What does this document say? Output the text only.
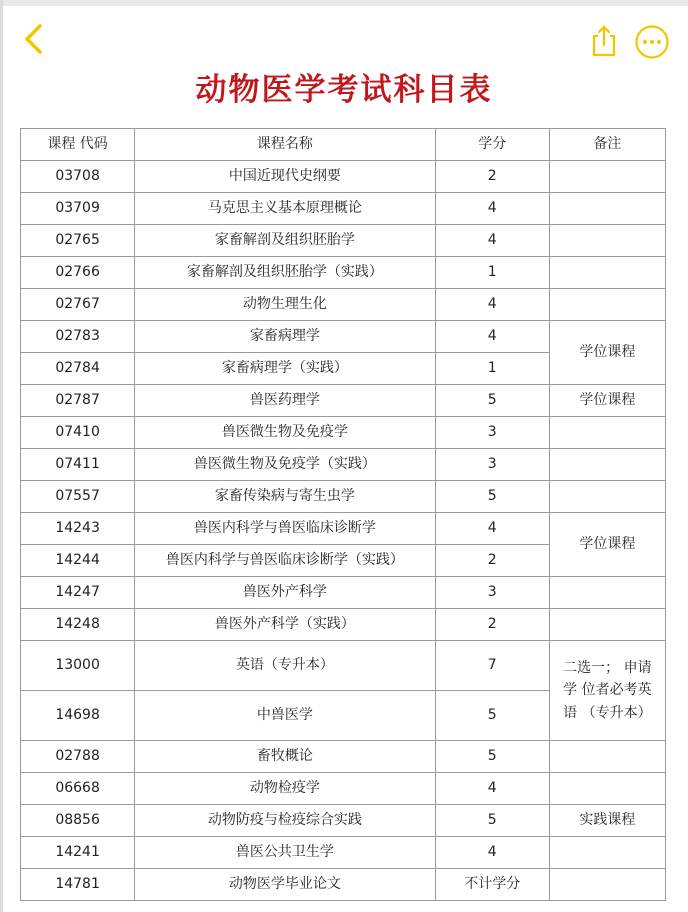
动物医学考试科目表
课程 代码	课程名称	学分	备注
03708	中国近现代史纲要	2	
03709	马克思主义基本原理概论	4	
02765	家畜解剖及组织胚胎学	4	
02766	家畜解剖及组织胚胎学（实践）	1	
02767	动物生理生化	4	
02783	家畜病理学	4	学位课程
02784	家畜病理学（实践）	1	
02787	兽医药理学	5	学位课程
07410	兽医微生物及免疫学	3	
07411	兽医微生物及免疫学（实践）	3	
07557	家畜传染病与寄生虫学	5	
14243	兽医内科学与兽医临床诊断学	4	学位课程
14244	兽医内科学与兽医临床诊断学（实践）	2	
14247	兽医外产科学	3	
14248	兽医外产科学（实践）	2	
13000	英语（专升本）	7	二选一； 申请 学 位者必考英 语 （专升本）
14698	中兽医学	5	
02788	畜牧概论	5	
06668	动物检疫学	4	
08856	动物防疫与检疫综合实践	5	实践课程
14241	兽医公共卫生学	4	
14781	动物医学毕业论文	不计学分	
